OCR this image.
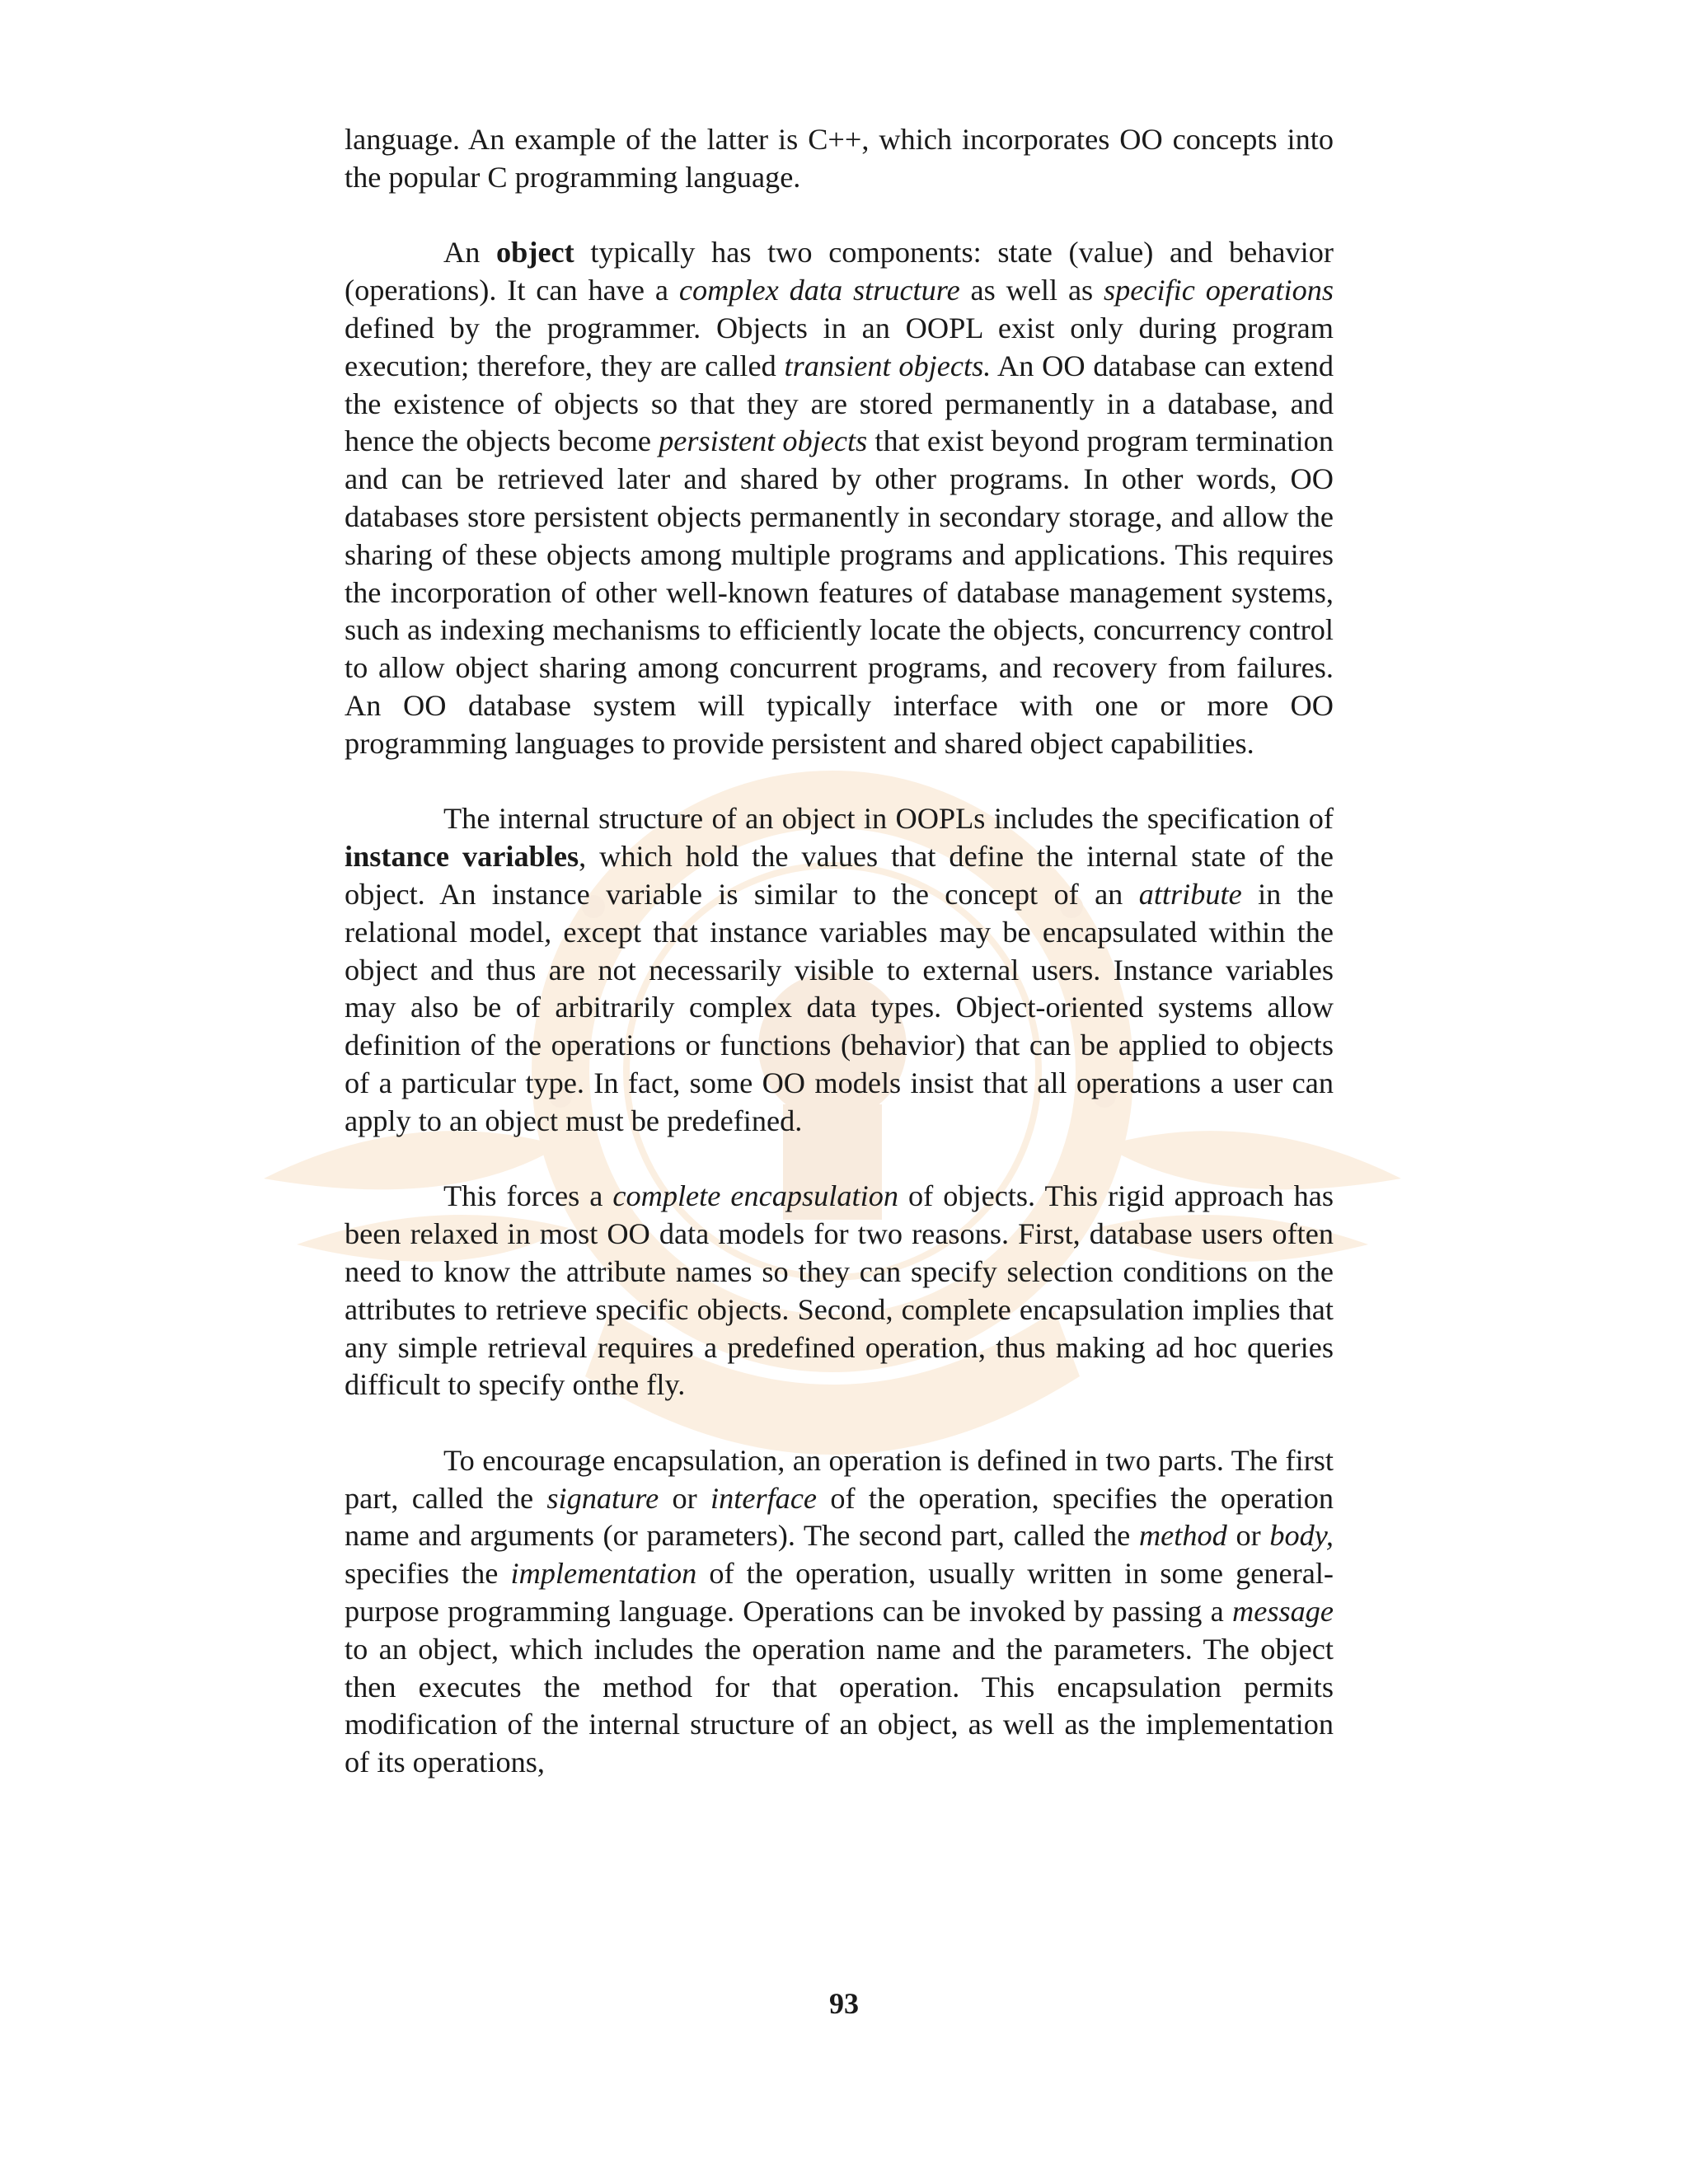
language. An example of the latter is C++, which incorporates OO concepts into the popular C programming language.

An object typically has two components: state (value) and behavior (operations). It can have a complex data structure as well as specific operations defined by the programmer. Objects in an OOPL exist only during program execution; therefore, they are called transient objects. An OO database can extend the existence of objects so that they are stored permanently in a database, and hence the objects become persistent objects that exist beyond program termination and can be retrieved later and shared by other programs. In other words, OO databases store persistent objects permanently in secondary storage, and allow the sharing of these objects among multiple programs and applications. This requires the incorporation of other well-known features of database management systems, such as indexing mechanisms to efficiently locate the objects, concurrency control to allow object sharing among concurrent programs, and recovery from failures. An OO database system will typically interface with one or more OO programming languages to provide persistent and shared object capabilities.

The internal structure of an object in OOPLs includes the specification of instance variables, which hold the values that define the internal state of the object. An instance variable is similar to the concept of an attribute in the relational model, except that instance variables may be encapsulated within the object and thus are not necessarily visible to external users. Instance variables may also be of arbitrarily complex data types. Object-oriented systems allow definition of the operations or functions (behavior) that can be applied to objects of a particular type. In fact, some OO models insist that all operations a user can apply to an object must be predefined.

This forces a complete encapsulation of objects. This rigid approach has been relaxed in most OO data models for two reasons. First, database users often need to know the attribute names so they can specify selection conditions on the attributes to retrieve specific objects. Second, complete encapsulation implies that any simple retrieval requires a predefined operation, thus making ad hoc queries difficult to specify onthe fly.

To encourage encapsulation, an operation is defined in two parts. The first part, called the signature or interface of the operation, specifies the operation name and arguments (or parameters). The second part, called the method or body, specifies the implementation of the operation, usually written in some general-purpose programming language. Operations can be invoked by passing a message to an object, which includes the operation name and the parameters. The object then executes the method for that operation. This encapsulation permits modification of the internal structure of an object, as well as the implementation of its operations,

93
